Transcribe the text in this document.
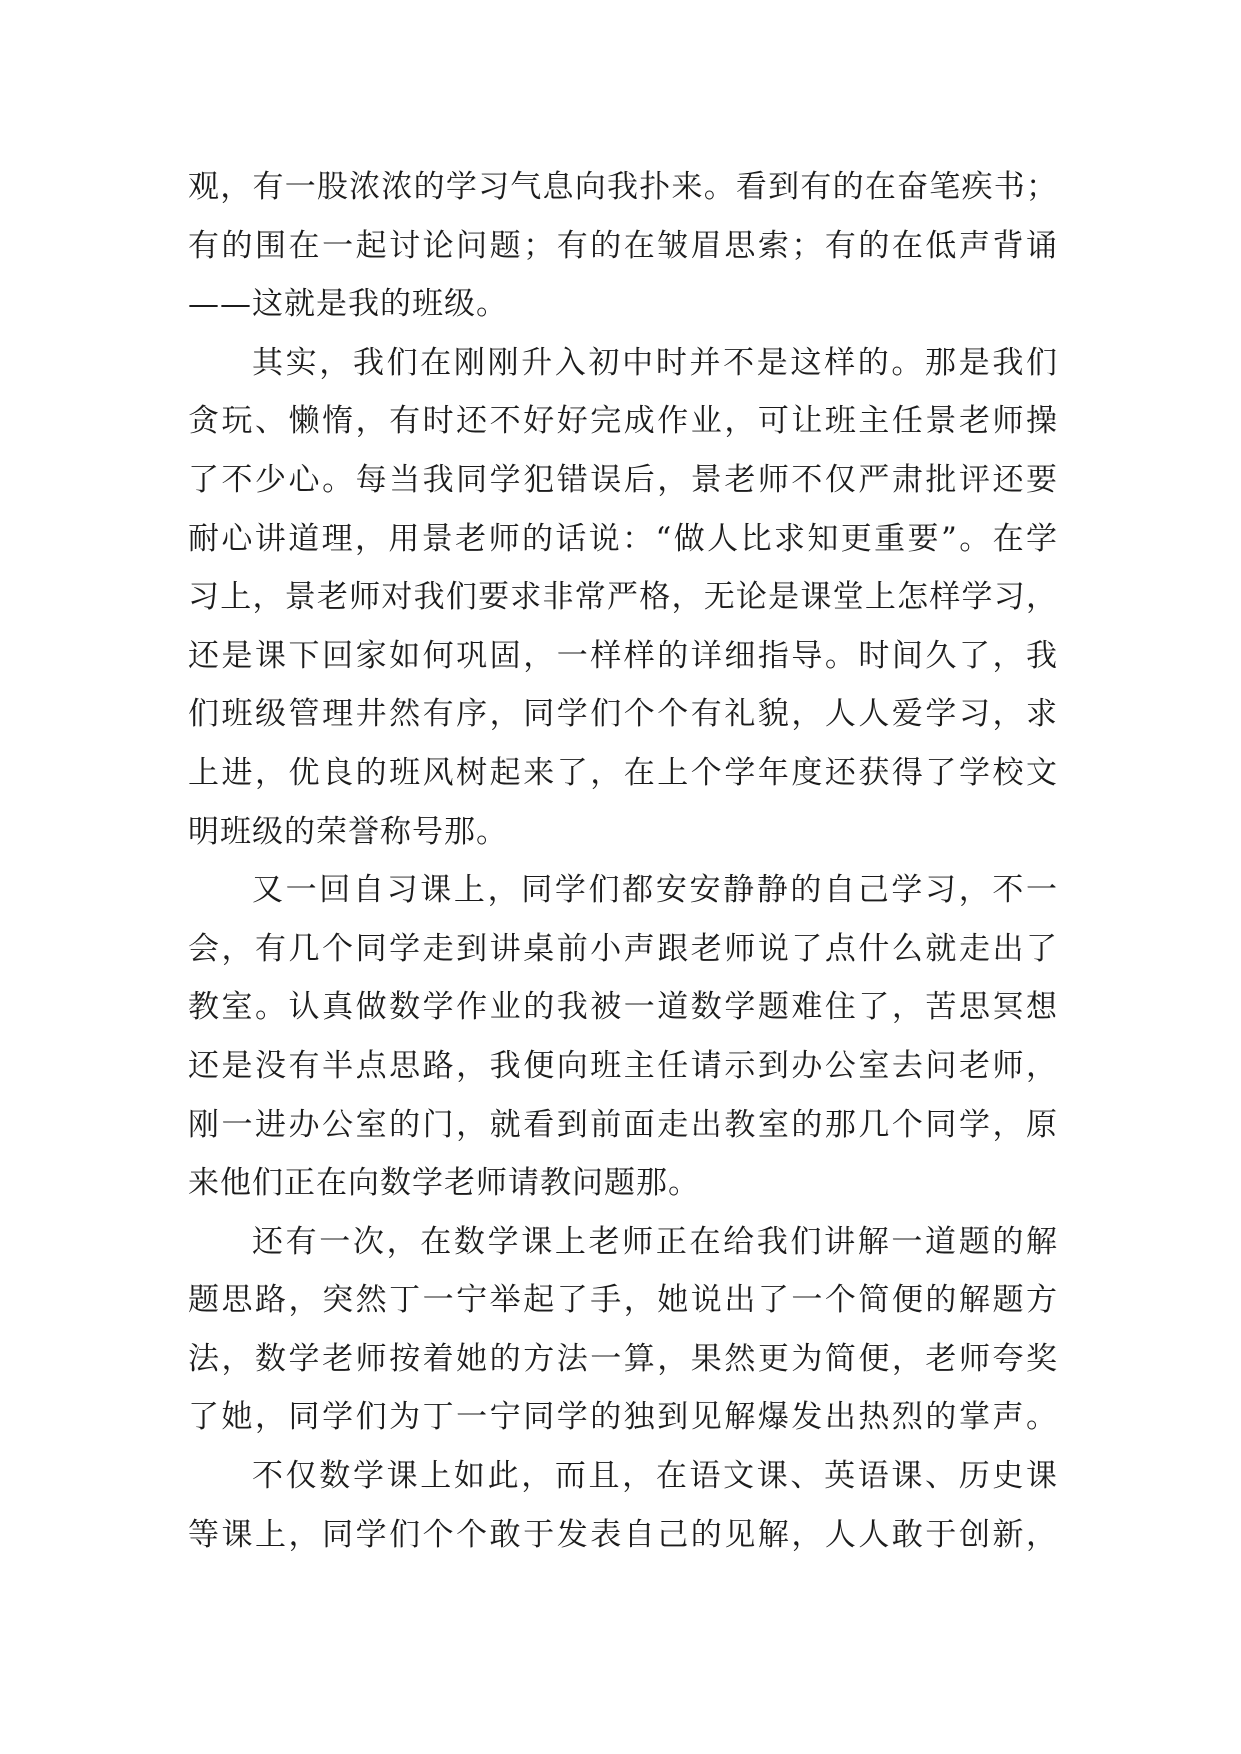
观，有一股浓浓的学习气息向我扑来。看到有的在奋笔疾书；
有的围在一起讨论问题；有的在皱眉思索；有的在低声背诵
——这就是我的班级。
其实，我们在刚刚升入初中时并不是这样的。那是我们
贪玩、懒惰，有时还不好好完成作业，可让班主任景老师操
了不少心。每当我同学犯错误后，景老师不仅严肃批评还要
耐心讲道理，用景老师的话说：“做人比求知更重要”。在学
习上，景老师对我们要求非常严格，无论是课堂上怎样学习，
还是课下回家如何巩固，一样样的详细指导。时间久了，我
们班级管理井然有序，同学们个个有礼貌，人人爱学习，求
上进，优良的班风树起来了，在上个学年度还获得了学校文
明班级的荣誉称号那。
又一回自习课上，同学们都安安静静的自己学习，不一
会，有几个同学走到讲桌前小声跟老师说了点什么就走出了
教室。认真做数学作业的我被一道数学题难住了，苦思冥想
还是没有半点思路，我便向班主任请示到办公室去问老师，
刚一进办公室的门，就看到前面走出教室的那几个同学，原
来他们正在向数学老师请教问题那。
还有一次，在数学课上老师正在给我们讲解一道题的解
题思路，突然丁一宁举起了手，她说出了一个简便的解题方
法，数学老师按着她的方法一算，果然更为简便，老师夸奖
了她，同学们为丁一宁同学的独到见解爆发出热烈的掌声。
不仅数学课上如此，而且，在语文课、英语课、历史课
等课上，同学们个个敢于发表自己的见解，人人敢于创新，
